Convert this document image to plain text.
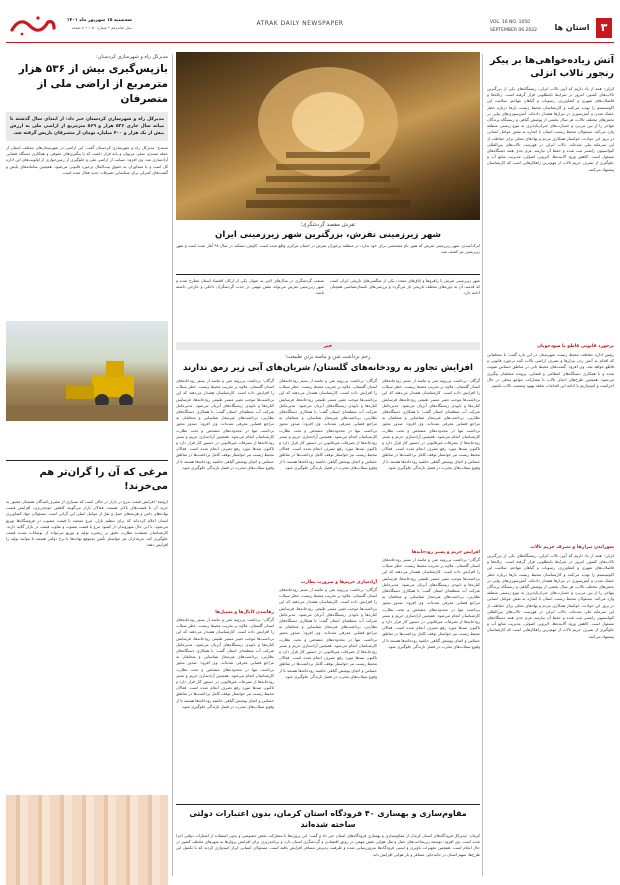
۳
استان ها
VOL. 16 NO. 1050
SEPTEMBER 06.2022
ATRAK DAILY NEWSPAPER
سه‌شنبه ۱۵ شهریور ماه ۱۴۰۱
سال شانزدهم • شماره ۱۰۵۰ • ۸ صفحه
آتش زیاده‌خواهی‌ها بر پیکر رنجور تالاب انزلی
انزلی- همه از یاد داریم که آیین تالاب انزلی، زیستگاه‌های یکی از بزرگترین تالاب‌های کشور، امروز در شرایط نامطلوبی قرار گرفته است. زباله‌ها و فاضلاب‌های شهری و کشاورزی، رسوبات و گیاهان مهاجم، سلامت این اکوسیستم را تهدید می‌کنند و کارشناسان محیط زیست بارها درباره خطر خشک شدن و آتش‌سوزی در نیزارها هشدار داده‌اند. آتش‌سوزی‌های پیاپی در بخش‌های مختلف تالاب، هر سال بخشی از پوشش گیاهی و زیستگاه پرندگان مهاجر را از بین می‌برد و خسارت‌های جبران‌ناپذیری به تنوع زیستی منطقه وارد می‌کند. مسئولان محیط زیست استان با اشاره به نقش عوامل انسانی در بروز این حوادث، خواستار همکاری مردم و نهادهای محلی برای حفاظت از این سرمایه ملی شده‌اند. تالاب انزلی در فهرست تالاب‌های بین‌المللی کنوانسیون رامسر ثبت شده و حفظ آن نیازمند عزم جدی همه دستگاه‌های مسئول است. کاهش ورود آلاینده‌ها، لایروبی اصولی، مدیریت منابع آب و جلوگیری از تصرف حریم تالاب از مهم‌ترین راهکارهایی است که کارشناسان پیشنهاد می‌کنند.
برخورد قانونی قاطع با سودجویان
رئیس اداره حفاظت محیط زیست شهرستان در این باره گفت: با متخلفانی که اقدام به آتش زدن نیزارها و تصرف اراضی تالاب کنند برخورد قانونی و قاطع خواهد شد. وی افزود: گشت‌های محیط بانی در مناطق حساس تقویت شده و با همکاری دستگاه‌های انتظامی و قضایی، پرونده متخلفان پیگیری می‌شود. همچنین طرح‌های احیای تالاب با مشارکت جوامع محلی در حال اجراست و امیدواریم با ادامه این اقدامات شاهد بهبود وضعیت تالاب باشیم.
سوزاندن نیزارها و تصرف حریم تالاب
انزلی- همه از یاد داریم که آیین تالاب انزلی، زیستگاه‌های یکی از بزرگترین تالاب‌های کشور، امروز در شرایط نامطلوبی قرار گرفته است. زباله‌ها و فاضلاب‌های شهری و کشاورزی، رسوبات و گیاهان مهاجم، سلامت این اکوسیستم را تهدید می‌کنند و کارشناسان محیط زیست بارها درباره خطر خشک شدن و آتش‌سوزی در نیزارها هشدار داده‌اند. آتش‌سوزی‌های پیاپی در بخش‌های مختلف تالاب، هر سال بخشی از پوشش گیاهی و زیستگاه پرندگان مهاجر را از بین می‌برد و خسارت‌های جبران‌ناپذیری به تنوع زیستی منطقه وارد می‌کند. مسئولان محیط زیست استان با اشاره به نقش عوامل انسانی در بروز این حوادث، خواستار همکاری مردم و نهادهای محلی برای حفاظت از این سرمایه ملی شده‌اند. تالاب انزلی در فهرست تالاب‌های بین‌المللی کنوانسیون رامسر ثبت شده و حفظ آن نیازمند عزم جدی همه دستگاه‌های مسئول است. کاهش ورود آلاینده‌ها، لایروبی اصولی، مدیریت منابع آب و جلوگیری از تصرف حریم تالاب از مهم‌ترین راهکارهایی است که کارشناسان پیشنهاد می‌کنند.
تفرش مقصد گردشگری؛
شهر زیرزمینی تفرش، بزرگترین شهر زیرزمینی ایران
اترک/میدی، شهر زیرزمینی تفرش که هنوز نام مشخصی برای خود ندارد، در منطقه ترخوران تفرش در استان مرکزی واقع شده است. کاوش دستکند در سال ۹۸ آغاز شده است و شهر زیرزمینی نیز کشف شد.
شهر زیرزمینی تفرش با راهروها و اتاق‌های متعدد، یکی از شگفتی‌های تاریخی ایران است که قدمت آن به دوره‌های مختلف تاریخی باز می‌گردد و بررسی‌های باستان‌شناسی همچنان ادامه دارد.
صنعت گردشگری در سال‌های اخیر به عنوان یکی از ارکان اقتصاد استان مطرح شده و شهر زیرزمینی تفرش می‌تواند نقش مهمی در جذب گردشگران داخلی و خارجی داشته باشد.
خبر
زخم برداشت شن و ماسه برتن طبیعت؛
افزایش تجاوز به رودخانه‌های گلستان/ شریان‌های آبی زیر رمق ندارند
گرگان- برداشت بی‌رویه شن و ماسه از بستر رودخانه‌های استان گلستان، علاوه بر تخریب محیط زیست، خطر سیلاب را افزایش داده است. کارشناسان هشدار می‌دهند که این برداشت‌ها موجب تغییر مسیر طبیعی رودخانه‌ها، فرسایش کناره‌ها و نابودی زیستگاه‌های آبزیان می‌شود. مدیرعامل شرکت آب منطقه‌ای استان گفت: با همکاری دستگاه‌های نظارتی، برداشت‌های غیرمجاز شناسایی و متخلفان به مراجع قضایی معرفی شده‌اند. وی افزود: صدور مجوز برداشت تنها در محدوده‌های مشخص و تحت نظارت کارشناسان انجام می‌شود. همچنین آزادسازی حریم و بستر رودخانه‌ها از تصرفات غیرقانونی در دستور کار قرار دارد و تاکنون صدها مورد رفع تصرف انجام شده است. فعالان محیط زیست نیز خواستار توقف کامل برداشت‌ها در مناطق حساس و احیای پوشش گیاهی حاشیه رودخانه‌ها هستند تا از وقوع سیلاب‌های مخرب در فصل بارندگی جلوگیری شود.
افزایش حریم و بستر رودخانه‌ها
گرگان- برداشت بی‌رویه شن و ماسه از بستر رودخانه‌های استان گلستان، علاوه بر تخریب محیط زیست، خطر سیلاب را افزایش داده است. کارشناسان هشدار می‌دهند که این برداشت‌ها موجب تغییر مسیر طبیعی رودخانه‌ها، فرسایش کناره‌ها و نابودی زیستگاه‌های آبزیان می‌شود. مدیرعامل شرکت آب منطقه‌ای استان گفت: با همکاری دستگاه‌های نظارتی، برداشت‌های غیرمجاز شناسایی و متخلفان به مراجع قضایی معرفی شده‌اند. وی افزود: صدور مجوز برداشت تنها در محدوده‌های مشخص و تحت نظارت کارشناسان انجام می‌شود. همچنین آزادسازی حریم و بستر رودخانه‌ها از تصرفات غیرقانونی در دستور کار قرار دارد و تاکنون صدها مورد رفع تصرف انجام شده است. فعالان محیط زیست نیز خواستار توقف کامل برداشت‌ها در مناطق حساس و احیای پوشش گیاهی حاشیه رودخانه‌ها هستند تا از وقوع سیلاب‌های مخرب در فصل بارندگی جلوگیری شود.
گرگان- برداشت بی‌رویه شن و ماسه از بستر رودخانه‌های استان گلستان، علاوه بر تخریب محیط زیست، خطر سیلاب را افزایش داده است. کارشناسان هشدار می‌دهند که این برداشت‌ها موجب تغییر مسیر طبیعی رودخانه‌ها، فرسایش کناره‌ها و نابودی زیستگاه‌های آبزیان می‌شود. مدیرعامل شرکت آب منطقه‌ای استان گفت: با همکاری دستگاه‌های نظارتی، برداشت‌های غیرمجاز شناسایی و متخلفان به مراجع قضایی معرفی شده‌اند. وی افزود: صدور مجوز برداشت تنها در محدوده‌های مشخص و تحت نظارت کارشناسان انجام می‌شود. همچنین آزادسازی حریم و بستر رودخانه‌ها از تصرفات غیرقانونی در دستور کار قرار دارد و تاکنون صدها مورد رفع تصرف انجام شده است. فعالان محیط زیست نیز خواستار توقف کامل برداشت‌ها در مناطق حساس و احیای پوشش گیاهی حاشیه رودخانه‌ها هستند تا از وقوع سیلاب‌های مخرب در فصل بارندگی جلوگیری شود.
آزادسازی حریم‌ها و ضرورت نظارت
گرگان- برداشت بی‌رویه شن و ماسه از بستر رودخانه‌های استان گلستان، علاوه بر تخریب محیط زیست، خطر سیلاب را افزایش داده است. کارشناسان هشدار می‌دهند که این برداشت‌ها موجب تغییر مسیر طبیعی رودخانه‌ها، فرسایش کناره‌ها و نابودی زیستگاه‌های آبزیان می‌شود. مدیرعامل شرکت آب منطقه‌ای استان گفت: با همکاری دستگاه‌های نظارتی، برداشت‌های غیرمجاز شناسایی و متخلفان به مراجع قضایی معرفی شده‌اند. وی افزود: صدور مجوز برداشت تنها در محدوده‌های مشخص و تحت نظارت کارشناسان انجام می‌شود. همچنین آزادسازی حریم و بستر رودخانه‌ها از تصرفات غیرقانونی در دستور کار قرار دارد و تاکنون صدها مورد رفع تصرف انجام شده است. فعالان محیط زیست نیز خواستار توقف کامل برداشت‌ها در مناطق حساس و احیای پوشش گیاهی حاشیه رودخانه‌ها هستند تا از وقوع سیلاب‌های مخرب در فصل بارندگی جلوگیری شود.
گرگان- برداشت بی‌رویه شن و ماسه از بستر رودخانه‌های استان گلستان، علاوه بر تخریب محیط زیست، خطر سیلاب را افزایش داده است. کارشناسان هشدار می‌دهند که این برداشت‌ها موجب تغییر مسیر طبیعی رودخانه‌ها، فرسایش کناره‌ها و نابودی زیستگاه‌های آبزیان می‌شود. مدیرعامل شرکت آب منطقه‌ای استان گفت: با همکاری دستگاه‌های نظارتی، برداشت‌های غیرمجاز شناسایی و متخلفان به مراجع قضایی معرفی شده‌اند. وی افزود: صدور مجوز برداشت تنها در محدوده‌های مشخص و تحت نظارت کارشناسان انجام می‌شود. همچنین آزادسازی حریم و بستر رودخانه‌ها از تصرفات غیرقانونی در دستور کار قرار دارد و تاکنون صدها مورد رفع تصرف انجام شده است. فعالان محیط زیست نیز خواستار توقف کامل برداشت‌ها در مناطق حساس و احیای پوشش گیاهی حاشیه رودخانه‌ها هستند تا از وقوع سیلاب‌های مخرب در فصل بارندگی جلوگیری شود.
رهاشدن کانال‌ها و مسیل‌ها
گرگان- برداشت بی‌رویه شن و ماسه از بستر رودخانه‌های استان گلستان، علاوه بر تخریب محیط زیست، خطر سیلاب را افزایش داده است. کارشناسان هشدار می‌دهند که این برداشت‌ها موجب تغییر مسیر طبیعی رودخانه‌ها، فرسایش کناره‌ها و نابودی زیستگاه‌های آبزیان می‌شود. مدیرعامل شرکت آب منطقه‌ای استان گفت: با همکاری دستگاه‌های نظارتی، برداشت‌های غیرمجاز شناسایی و متخلفان به مراجع قضایی معرفی شده‌اند. وی افزود: صدور مجوز برداشت تنها در محدوده‌های مشخص و تحت نظارت کارشناسان انجام می‌شود. همچنین آزادسازی حریم و بستر رودخانه‌ها از تصرفات غیرقانونی در دستور کار قرار دارد و تاکنون صدها مورد رفع تصرف انجام شده است. فعالان محیط زیست نیز خواستار توقف کامل برداشت‌ها در مناطق حساس و احیای پوشش گیاهی حاشیه رودخانه‌ها هستند تا از وقوع سیلاب‌های مخرب در فصل بارندگی جلوگیری شود.
مقاوم‌سازی و بهسازی ۴۰ فرودگاه استان کرمان، بدون اعتبارات دولتی ساخته شده‌اند
کرمان- مدیرکل فرودگاه‌های استان کرمان از مقاوم‌سازی و بهسازی فرودگاه‌های استان خبر داد و گفت: این پروژه‌ها با مشارکت بخش خصوصی و بدون استفاده از اعتبارات دولتی اجرا شده است. وی افزود: توسعه زیرساخت‌های حمل و نقل هوایی نقش مهمی در رونق اقتصادی و گردشگری استان دارد و برنامه‌ریزی برای افزایش پروازها به شهرهای مختلف کشور در حال انجام است. همچنین تجهیزات ناوبری و ایمنی فرودگاه‌ها به‌روزرسانی شده و ظرفیت پذیرش مسافر افزایش یافته است. مسئولان استانی ابراز امیدواری کردند که با تکمیل این طرح‌ها، سهم استان در جابه‌جایی مسافر و بار هوایی افزایش یابد.
مدیرکل راه و شهرسازی کردستان:
بازپس‌گیری بیش از ۵۳۶ هزار مترمربع از اراضی ملی از متصرفان
مدیرکل راه و شهرسازی کردستان خبر داد: از ابتدای سال گذشته تا میانه سال جاری ۵۳۶ هزار و ۵۶۹ مترمربع از اراضی ملی به ارزش بیش از یک هزار و ۴۰۰ میلیارد تومان از متصرفان بازپس گرفته شد.
سنندج- مدیرکل راه و شهرسازی کردستان گفت: این اراضی در شهرستان‌های مختلف استان از جمله سنندج، سقز، مریوان و بانه قرار داشت که با پیگیری‌های حقوقی و همکاری دستگاه قضایی آزادسازی شد. وی افزود: صیانت از اراضی ملی و جلوگیری از زمین‌خواری از اولویت‌های این اداره کل است و با متجاوزان به حقوق بیت‌المال برخورد قانونی می‌شود. همچنین سامانه‌های پایش و گشت‌های کنترلی برای شناسایی تصرفات جدید فعال شده است.
مرغی که آن را گران‌تر هم می‌خرند!
ارومیه- افزایش قیمت مرغ در بازار در حالی است که بسیاری از مصرف‌کنندگان همچنان مجبور به خرید آن با قیمت‌های بالاتر هستند. فعالان بازار می‌گویند کاهش جوجه‌ریزی، افزایش قیمت نهاده‌های دامی و هزینه‌های حمل و نقل از عوامل اصلی این گرانی است. مسئولان جهاد کشاورزی استان اعلام کرده‌اند که برای تنظیم بازار، مرغ منجمد با قیمت مصوب در فروشگاه‌ها توزیع می‌شود. با این حال شهروندان از کمبود مرغ با قیمت مصوب و تفاوت قیمت در بازار گلایه دارند. کارشناسان معتقدند نظارت دقیق بر زنجیره تولید و توزیع می‌تواند از نوسانات شدید قیمت جلوگیری کند. مرغداران نیز خواستار تأمین به‌موقع نهاده‌ها با نرخ دولتی هستند تا بتوانند تولید را افزایش دهند.
